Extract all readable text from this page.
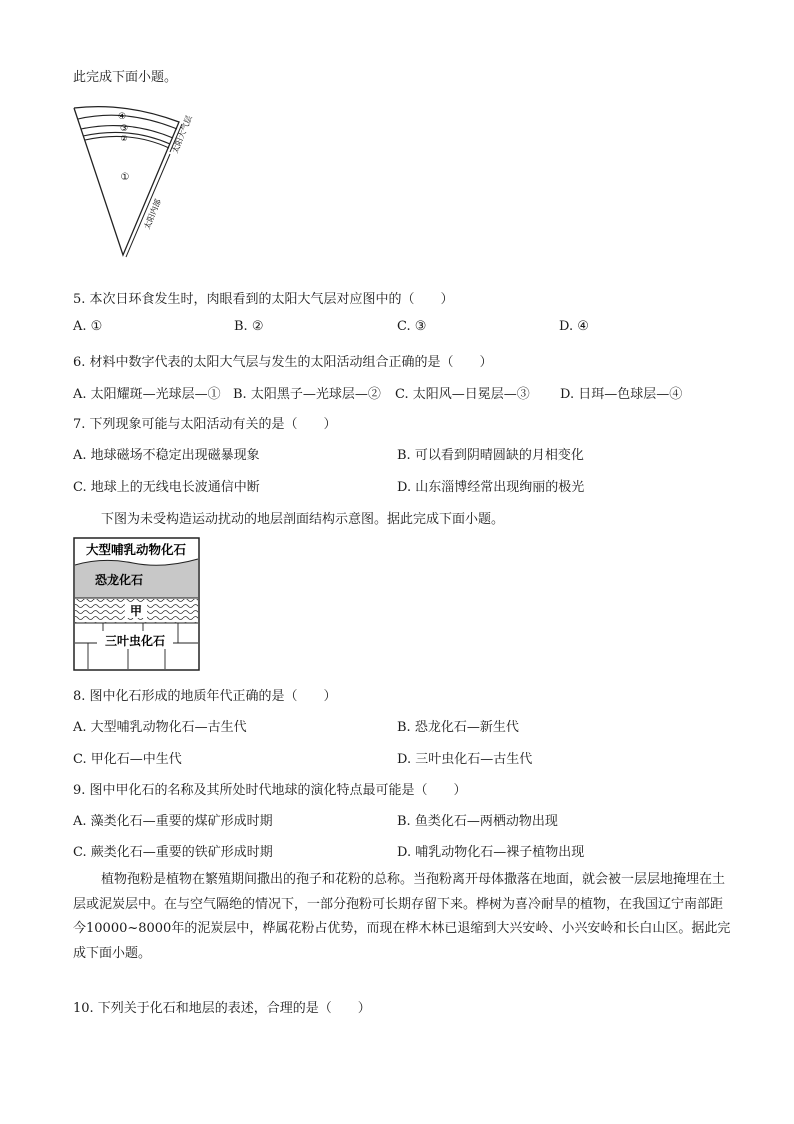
此完成下面小题。
④
③
②
①
太阳大气层
太阳内部
5. 本次日环食发生时，肉眼看到的太阳大气层对应图中的（　　）
A. ①	B. ②	C. ③	D. ④
6. 材料中数字代表的太阳大气层与发生的太阳活动组合正确的是（　　）
A. 太阳耀斑—光球层—① B. 太阳黑子—光球层—② C. 太阳风—日冕层—③ D. 日珥—色球层—④
7. 下列现象可能与太阳活动有关的是（　　）
A. 地球磁场不稳定出现磁暴现象	B. 可以看到阴晴圆缺的月相变化
C. 地球上的无线电长波通信中断	D. 山东淄博经常出现绚丽的极光
下图为未受构造运动扰动的地层剖面结构示意图。据此完成下面小题。
大型哺乳动物化石
恐龙化石
甲
三叶虫化石
8. 图中化石形成的地质年代正确的是（　　）
A. 大型哺乳动物化石—古生代	B. 恐龙化石—新生代
C. 甲化石—中生代	D. 三叶虫化石—古生代
9. 图中甲化石的名称及其所处时代地球的演化特点最可能是（　　）
A. 藻类化石—重要的煤矿形成时期	B. 鱼类化石—两栖动物出现
C. 蕨类化石—重要的铁矿形成时期	D. 哺乳动物化石—裸子植物出现
植物孢粉是植物在繁殖期间撒出的孢子和花粉的总称。当孢粉离开母体撒落在地面，就会被一层层地掩埋在土层或泥炭层中。在与空气隔绝的情况下，一部分孢粉可长期存留下来。桦树为喜冷耐旱的植物，在我国辽宁南部距今10000~8000年的泥炭层中，桦属花粉占优势，而现在桦木林已退缩到大兴安岭、小兴安岭和长白山区。据此完成下面小题。
10. 下列关于化石和地层的表述，合理的是（　　）
